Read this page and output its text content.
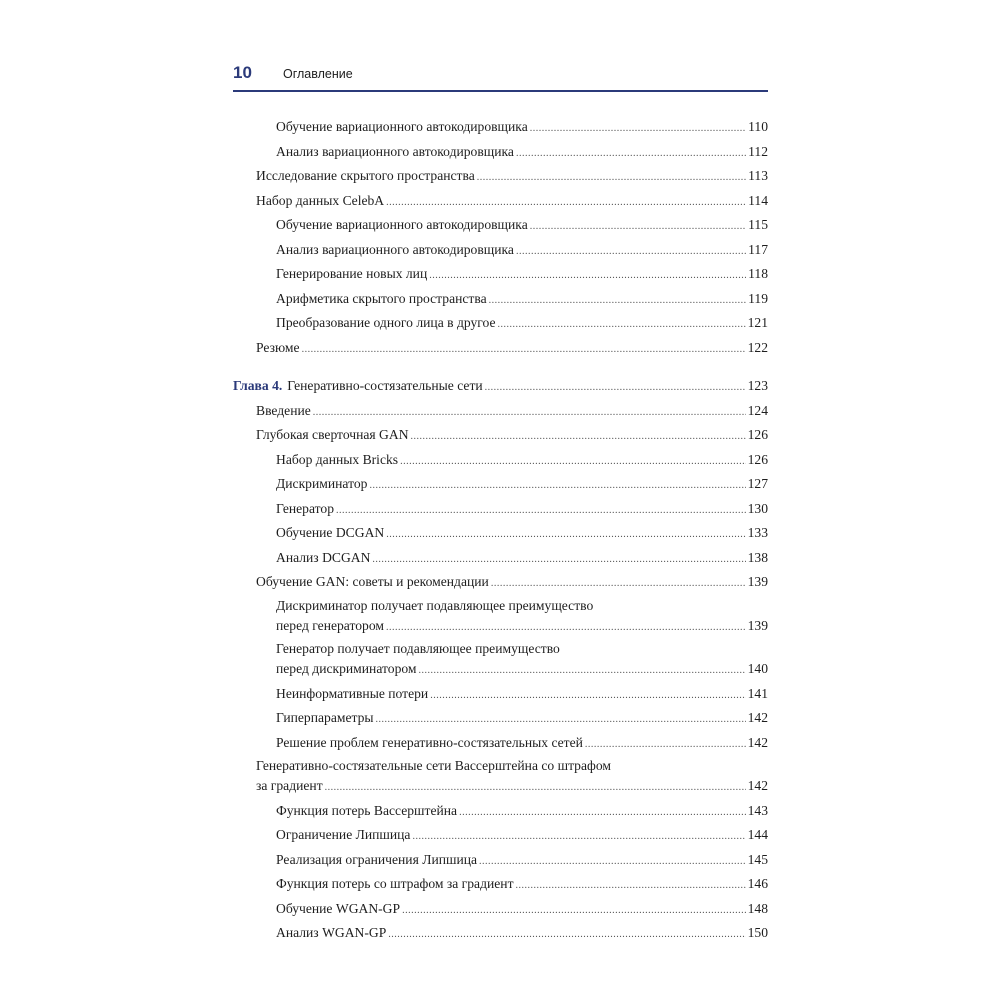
10 Оглавление
Обучение вариационного автокодировщика .....	110
Анализ вариационного автокодировщика .....	112
Исследование скрытого пространства .....	113
Набор данных CelebA .....	114
Обучение вариационного автокодировщика .....	115
Анализ вариационного автокодировщика .....	117
Генерирование новых лиц .....	118
Арифметика скрытого пространства .....	119
Преобразование одного лица в другое .....	121
Резюме .....	122
Глава 4. Генеративно-состязательные сети .....	123
Введение .....	124
Глубокая сверточная GAN .....	126
Набор данных Bricks .....	126
Дискриминатор .....	127
Генератор .....	130
Обучение DCGAN .....	133
Анализ DCGAN .....	138
Обучение GAN: советы и рекомендации .....	139
Дискриминатор получает подавляющее преимущество
перед генератором .....	139
Генератор получает подавляющее преимущество
перед дискриминатором .....	140
Неинформативные потери .....	141
Гиперпараметры .....	142
Решение проблем генеративно-состязательных сетей .....	142
Генеративно-состязательные сети Вассерштейна со штрафом
за градиент .....	142
Функция потерь Вассерштейна .....	143
Ограничение Липшица .....	144
Реализация ограничения Липшица .....	145
Функция потерь со штрафом за градиент .....	146
Обучение WGAN-GP .....	148
Анализ WGAN-GP .....	150
